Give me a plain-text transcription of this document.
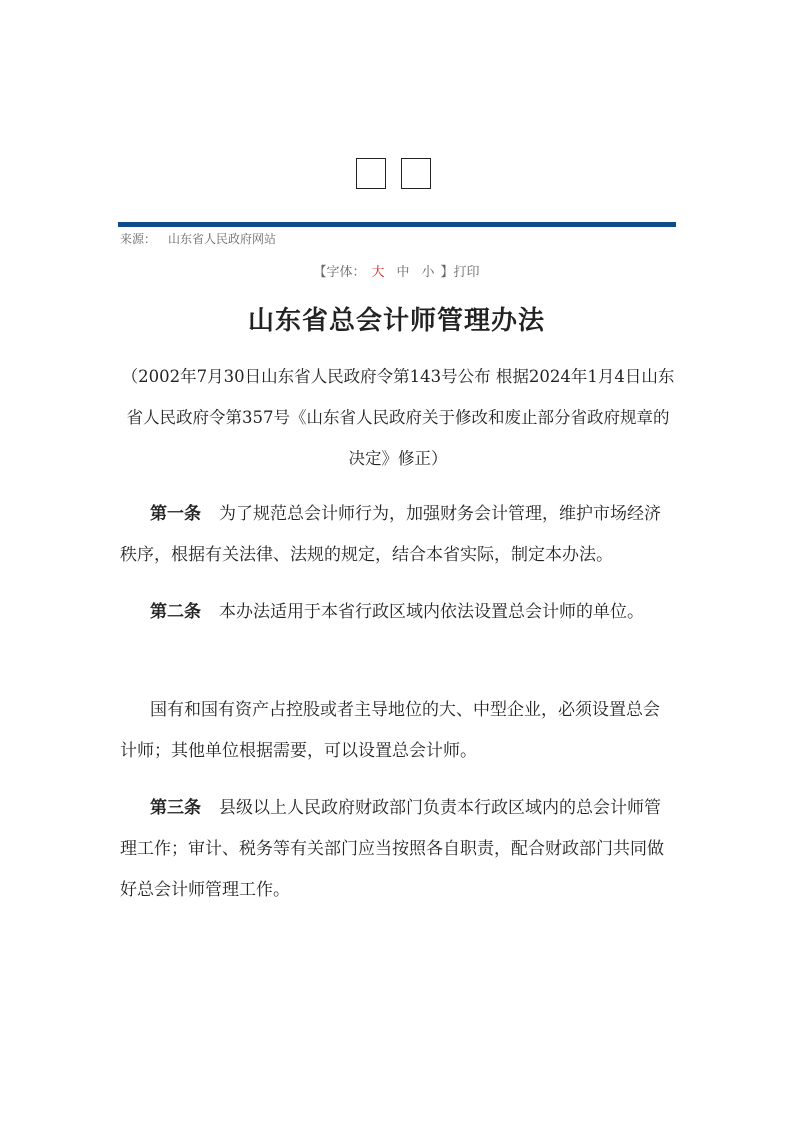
来源： 山东省人民政府网站
【字体： 大 中 小 】打印
山东省总会计师管理办法
（2002年7月30日山东省人民政府令第143号公布 根据2024年1月4日山东省人民政府令第357号《山东省人民政府关于修改和废止部分省政府规章的决定》修正）

第一条 为了规范总会计师行为，加强财务会计管理，维护市场经济秩序，根据有关法律、法规的规定，结合本省实际，制定本办法。

第二条 本办法适用于本省行政区域内依法设置总会计师的单位。

国有和国有资产占控股或者主导地位的大、中型企业，必须设置总会计师；其他单位根据需要，可以设置总会计师。

第三条 县级以上人民政府财政部门负责本行政区域内的总会计师管理工作；审计、税务等有关部门应当按照各自职责，配合财政部门共同做好总会计师管理工作。
